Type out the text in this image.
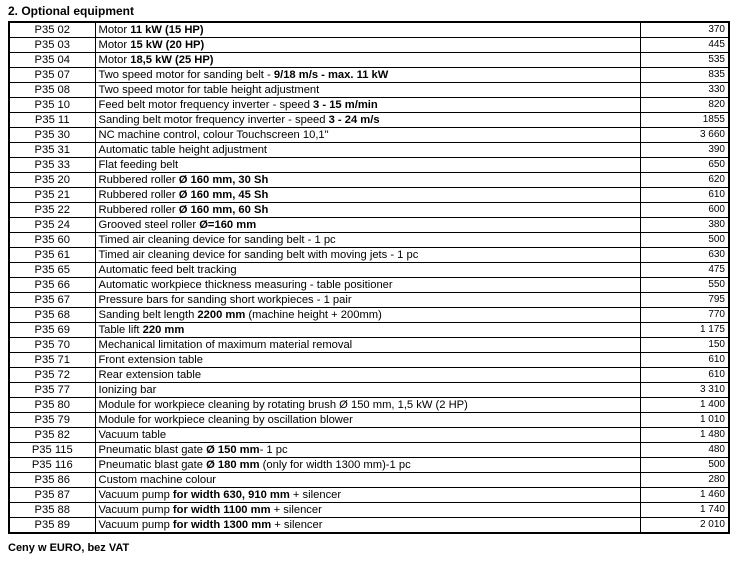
2. Optional equipment
P35 02	Motor 11 kW (15 HP)	370
P35 03	Motor 15 kW (20 HP)	445
P35 04	Motor 18,5 kW (25 HP)	535
P35 07	Two speed motor for sanding belt - 9/18 m/s - max. 11 kW	835
P35 08	Two speed motor for table height adjustment	330
P35 10	Feed belt motor frequency inverter - speed 3 - 15 m/min	820
P35 11	Sanding belt motor frequency inverter - speed 3 - 24 m/s	1855
P35 30	NC machine control, colour Touchscreen 10,1"	3 660
P35 31	Automatic table height adjustment	390
P35 33	Flat feeding belt	650
P35 20	Rubbered roller Ø 160 mm, 30 Sh	620
P35 21	Rubbered roller Ø 160 mm, 45 Sh	610
P35 22	Rubbered roller Ø 160 mm, 60 Sh	600
P35 24	Grooved steel roller Ø=160 mm	380
P35 60	Timed air cleaning device for sanding belt - 1 pc	500
P35 61	Timed air cleaning device for sanding belt with moving jets - 1 pc	630
P35 65	Automatic feed belt tracking	475
P35 66	Automatic workpiece thickness measuring - table positioner	550
P35 67	Pressure bars for sanding short workpieces - 1 pair	795
P35 68	Sanding belt length 2200 mm (machine height + 200mm)	770
P35 69	Table lift 220 mm	1 175
P35 70	Mechanical limitation of maximum material removal	150
P35 71	Front extension table	610
P35 72	Rear extension table	610
P35 77	Ionizing bar	3 310
P35 80	Module for workpiece cleaning by rotating brush Ø 150 mm, 1,5 kW (2 HP)	1 400
P35 79	Module for workpiece cleaning by oscillation blower	1 010
P35 82	Vacuum table	1 480
P35 115	Pneumatic blast gate Ø 150 mm- 1 pc	480
P35 116	Pneumatic blast gate Ø 180 mm (only for width 1300 mm)-1 pc	500
P35 86	Custom machine colour	280
P35 87	Vacuum pump for width 630, 910 mm + silencer	1 460
P35 88	Vacuum pump for width 1100 mm + silencer	1 740
P35 89	Vacuum pump for width 1300 mm + silencer	2 010
Ceny w EURO, bez VAT
